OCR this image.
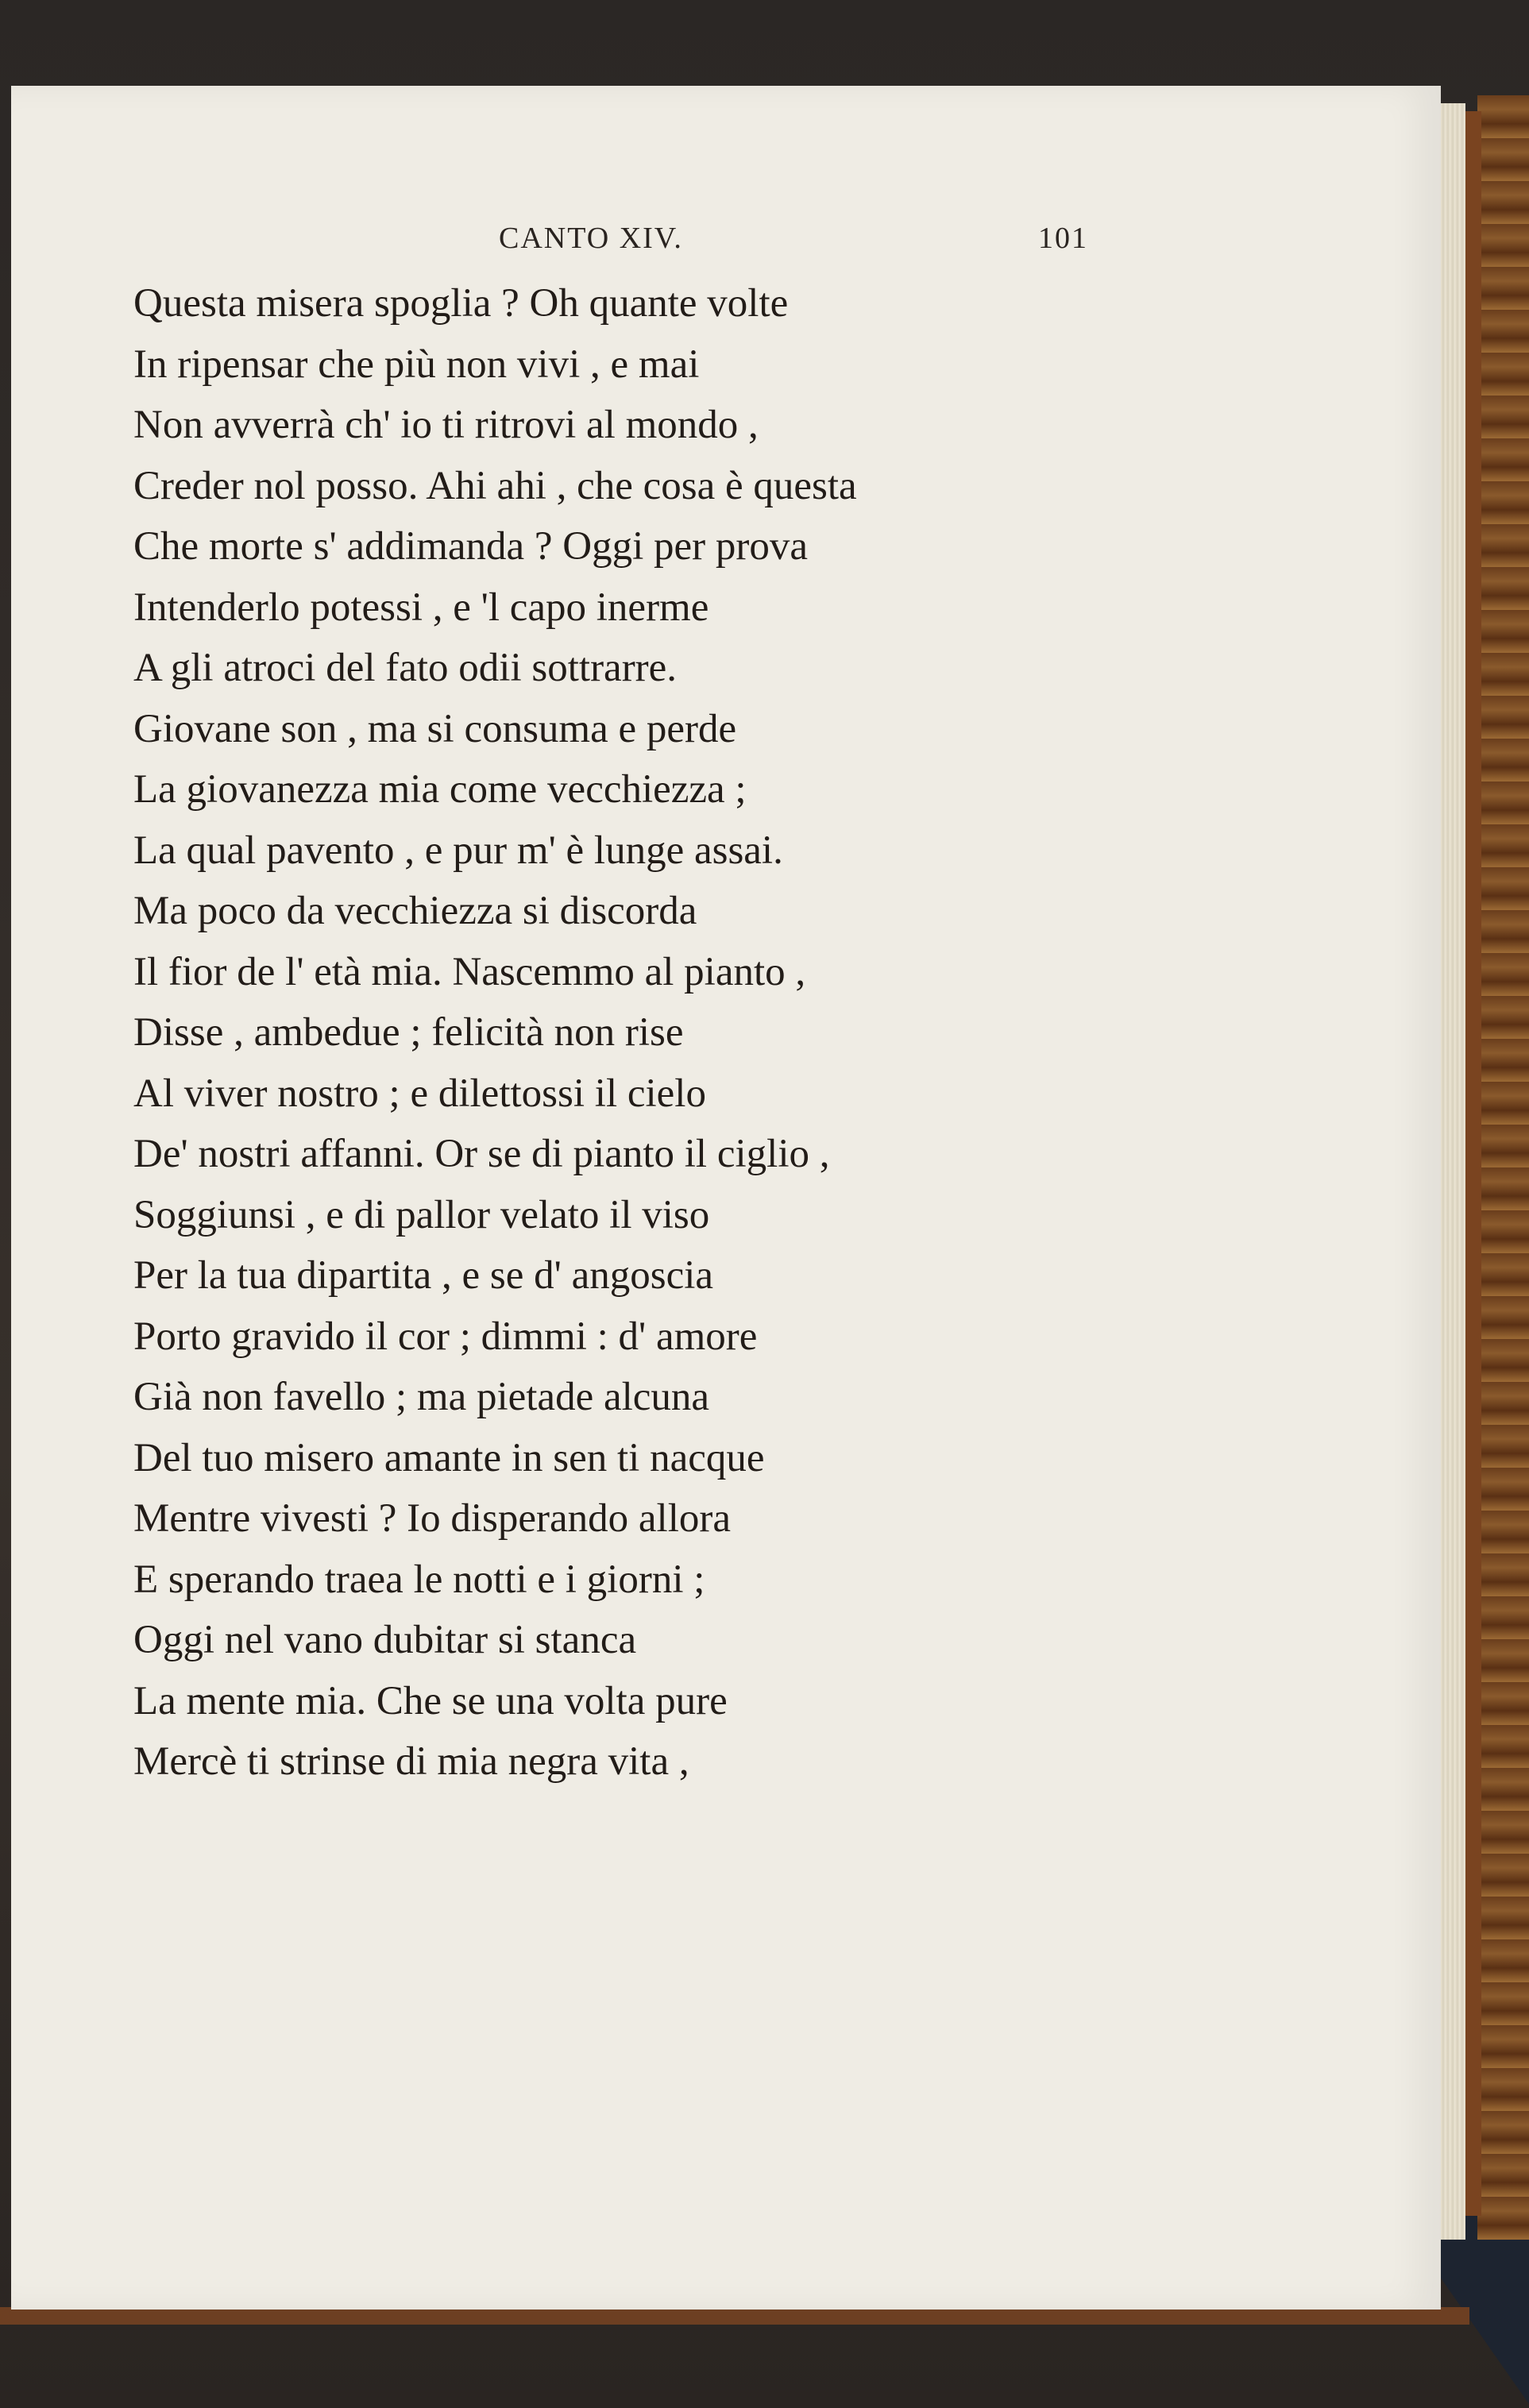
CANTO XIV.	101
Questa misera spoglia ? Oh quante volte
In ripensar che più non vivi , e mai
Non avverrà ch' io ti ritrovi al mondo ,
Creder nol posso. Ahi ahi , che cosa è questa
Che morte s' addimanda ? Oggi per prova
Intenderlo potessi , e 'l capo inerme
A gli atroci del fato odii sottrarre.
Giovane son , ma si consuma e perde
La giovanezza mia come vecchiezza ;
La qual pavento , e pur m' è lunge assai.
Ma poco da vecchiezza si discorda
Il fior de l' età mia. Nascemmo al pianto ,
Disse , ambedue ; felicità non rise
Al viver nostro ; e dilettossi il cielo
De' nostri affanni. Or se di pianto il ciglio ,
Soggiunsi , e di pallor velato il viso
Per la tua dipartita , e se d' angoscia
Porto gravido il cor ; dimmi : d' amore
Già non favello ; ma pietade alcuna
Del tuo misero amante in sen ti nacque
Mentre vivesti ? Io disperando allora
E sperando traea le notti e i giorni ;
Oggi nel vano dubitar si stanca
La mente mia. Che se una volta pure
Mercè ti strinse di mia negra vita ,
